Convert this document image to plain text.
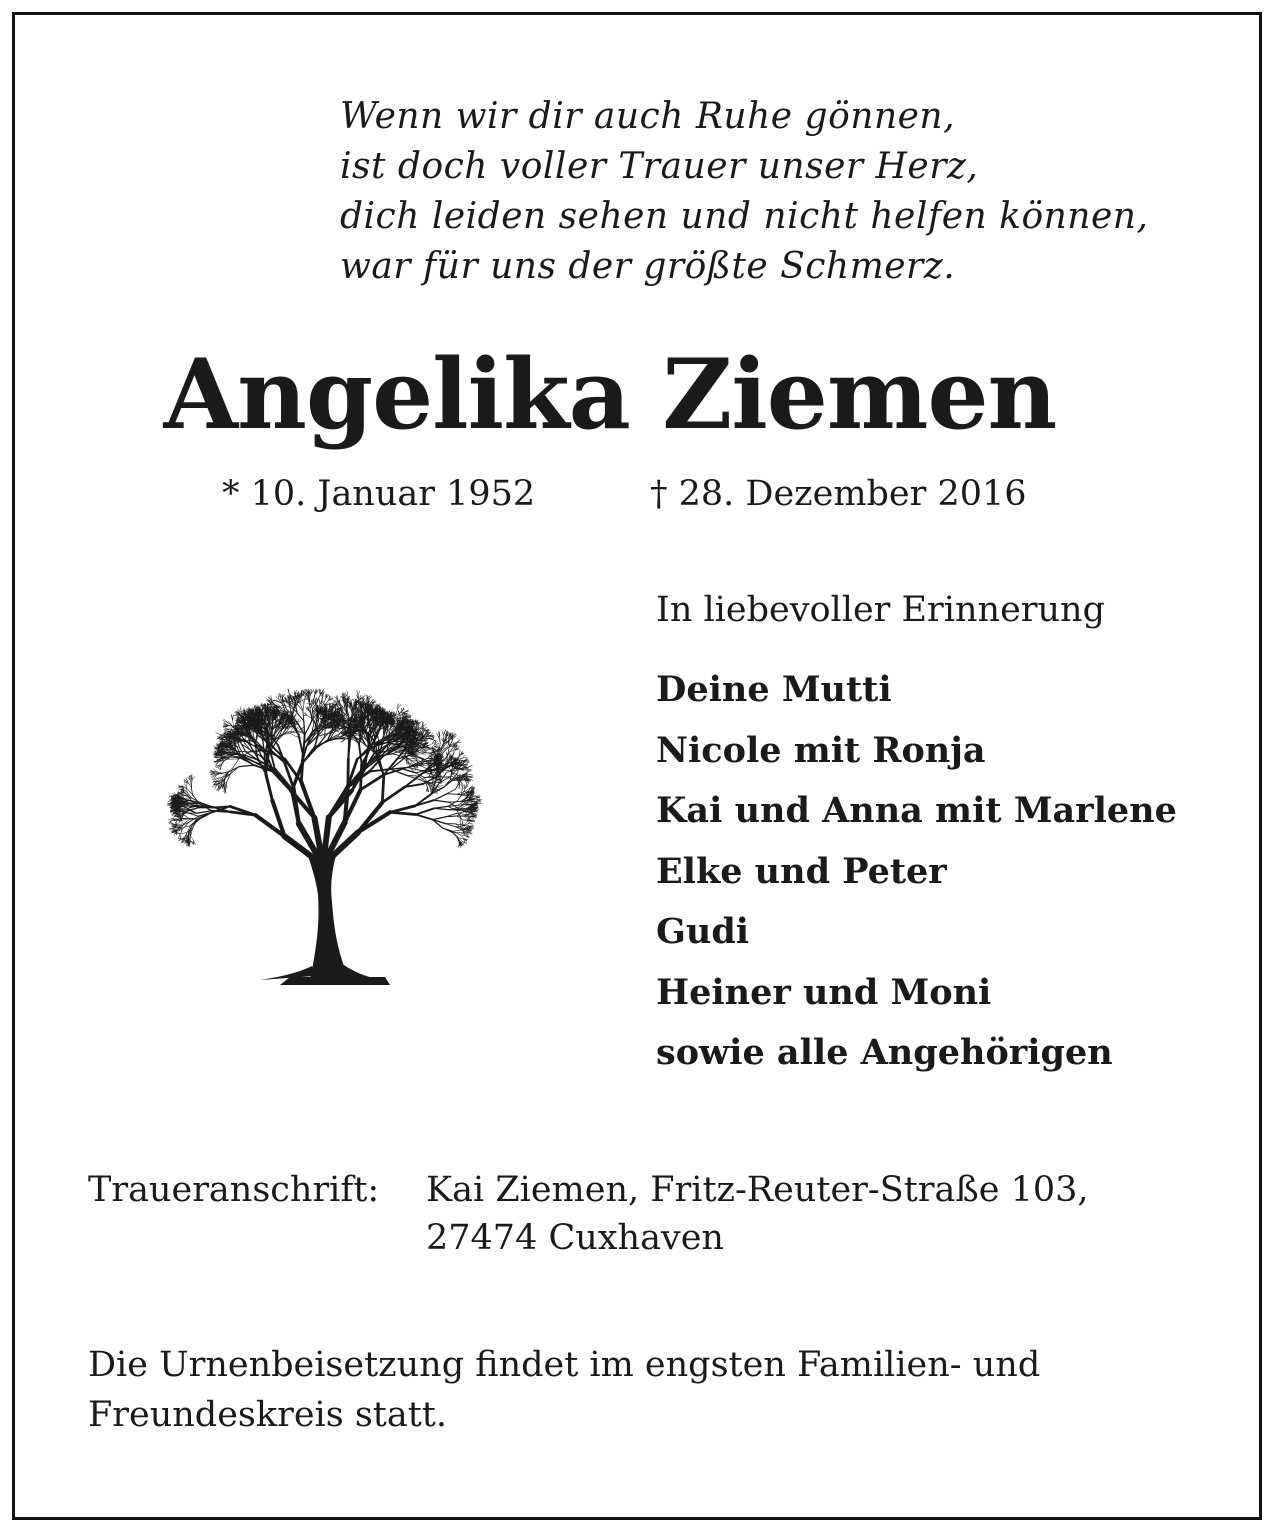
Wenn wir dir auch Ruhe gönnen,
ist doch voller Trauer unser Herz,
dich leiden sehen und nicht helfen können,
war für uns der größte Schmerz.
Angelika Ziemen
* 10. Januar 1952	† 28. Dezember 2016
In liebevoller Erinnerung
Deine Mutti
Nicole mit Ronja
Kai und Anna mit Marlene
Elke und Peter
Gudi
Heiner und Moni
sowie alle Angehörigen
Traueranschrift:	Kai Ziemen, Fritz-Reuter-Straße 103,
27474 Cuxhaven
Die Urnenbeisetzung findet im engsten Familien- und
Freundeskreis statt.
